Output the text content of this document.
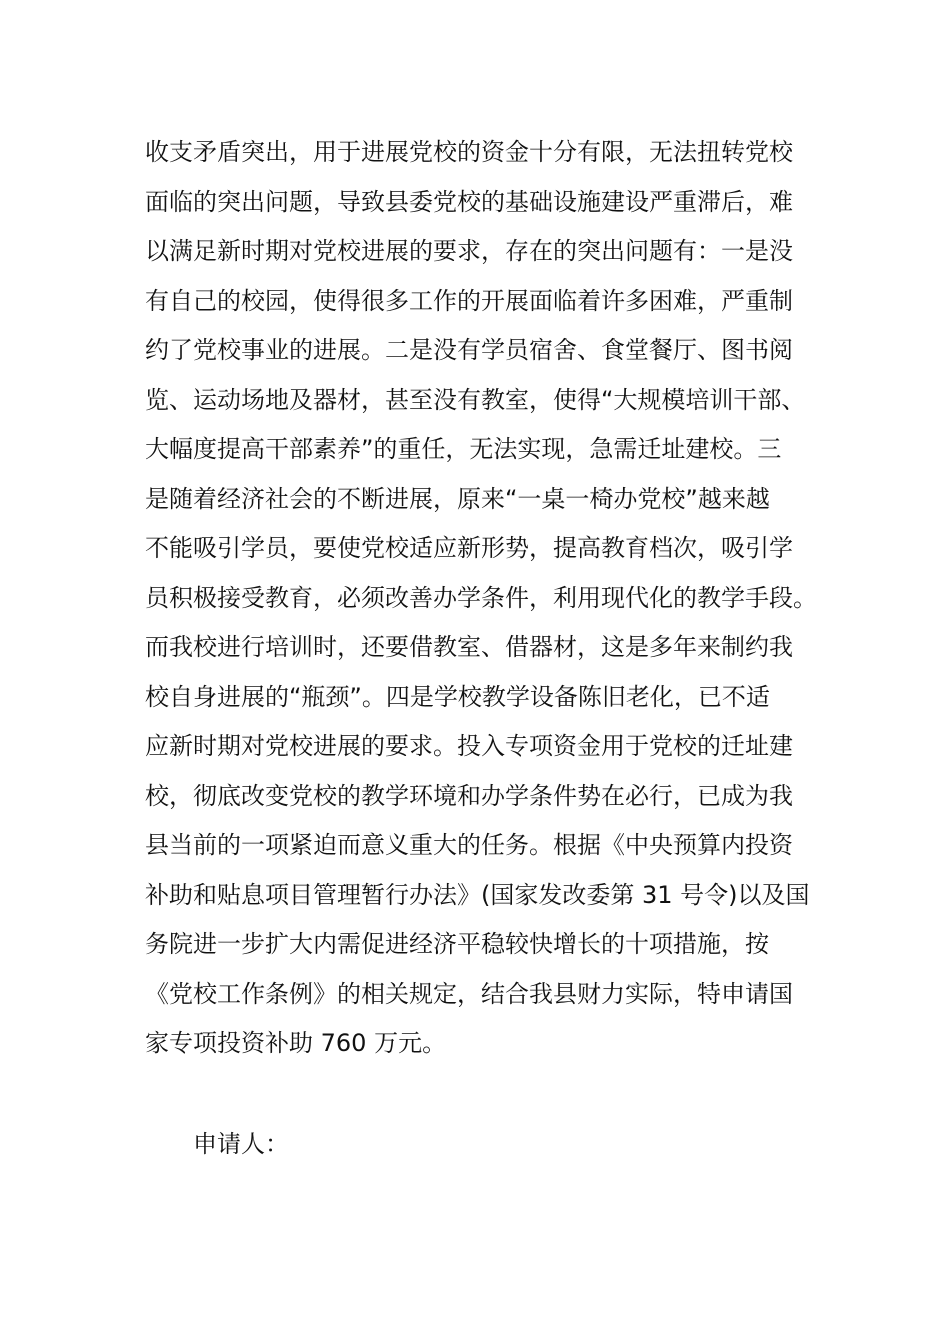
收支矛盾突出，用于进展党校的资金十分有限，无法扭转党校
面临的突出问题，导致县委党校的基础设施建设严重滞后，难
以满足新时期对党校进展的要求，存在的突出问题有：一是没
有自己的校园，使得很多工作的开展面临着许多困难，严重制
约了党校事业的进展。二是没有学员宿舍、食堂餐厅、图书阅
览、运动场地及器材，甚至没有教室，使得“大规模培训干部、
大幅度提高干部素养”的重任，无法实现，急需迁址建校。三
是随着经济社会的不断进展，原来“一桌一椅办党校”越来越
不能吸引学员，要使党校适应新形势，提高教育档次，吸引学
员积极接受教育，必须改善办学条件，利用现代化的教学手段。
而我校进行培训时，还要借教室、借器材，这是多年来制约我
校自身进展的“瓶颈”。四是学校教学设备陈旧老化，已不适
应新时期对党校进展的要求。投入专项资金用于党校的迁址建
校，彻底改变党校的教学环境和办学条件势在必行，已成为我
县当前的一项紧迫而意义重大的任务。根据《中央预算内投资
补助和贴息项目管理暂行办法》(国家发改委第 31 号令)以及国
务院进一步扩大内需促进经济平稳较快增长的十项措施，按
《党校工作条例》的相关规定，结合我县财力实际，特申请国
家专项投资补助 760 万元。

申请人：
